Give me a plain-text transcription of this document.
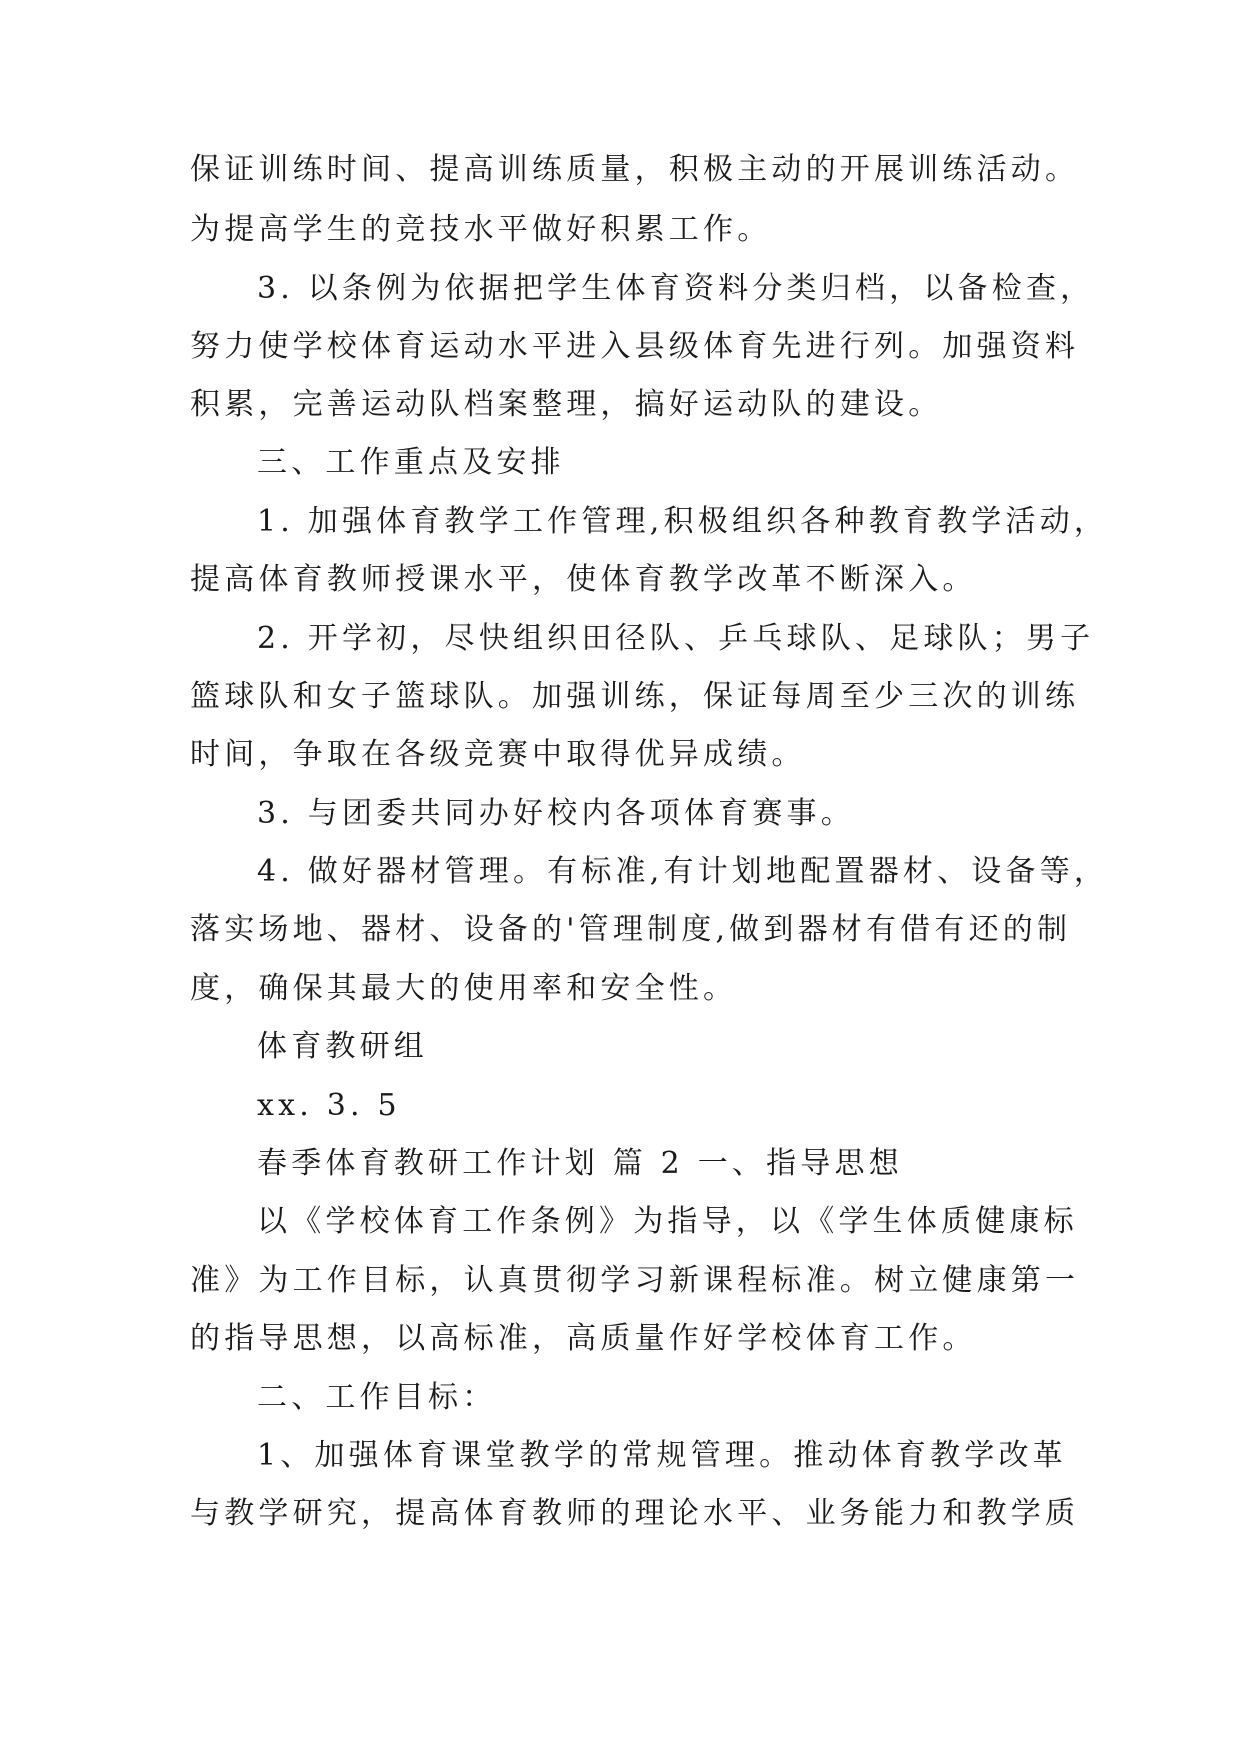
保证训练时间、提高训练质量，积极主动的开展训练活动。
为提高学生的竞技水平做好积累工作。
3. 以条例为依据把学生体育资料分类归档，以备检查，
努力使学校体育运动水平进入县级体育先进行列。加强资料
积累，完善运动队档案整理，搞好运动队的建设。
三、工作重点及安排
1. 加强体育教学工作管理,积极组织各种教育教学活动，
提高体育教师授课水平，使体育教学改革不断深入。
2. 开学初，尽快组织田径队、乒乓球队、足球队；男子
篮球队和女子篮球队。加强训练，保证每周至少三次的训练
时间，争取在各级竞赛中取得优异成绩。
3. 与团委共同办好校内各项体育赛事。
4. 做好器材管理。有标准,有计划地配置器材、设备等，
落实场地、器材、设备的'管理制度,做到器材有借有还的制
度，确保其最大的使用率和安全性。
体育教研组
xx. 3. 5
春季体育教研工作计划 篇 2 一、指导思想
以《学校体育工作条例》为指导，以《学生体质健康标
准》为工作目标，认真贯彻学习新课程标准。树立健康第一
的指导思想，以高标准，高质量作好学校体育工作。
二、工作目标：
1、加强体育课堂教学的常规管理。推动体育教学改革
与教学研究，提高体育教师的理论水平、业务能力和教学质
